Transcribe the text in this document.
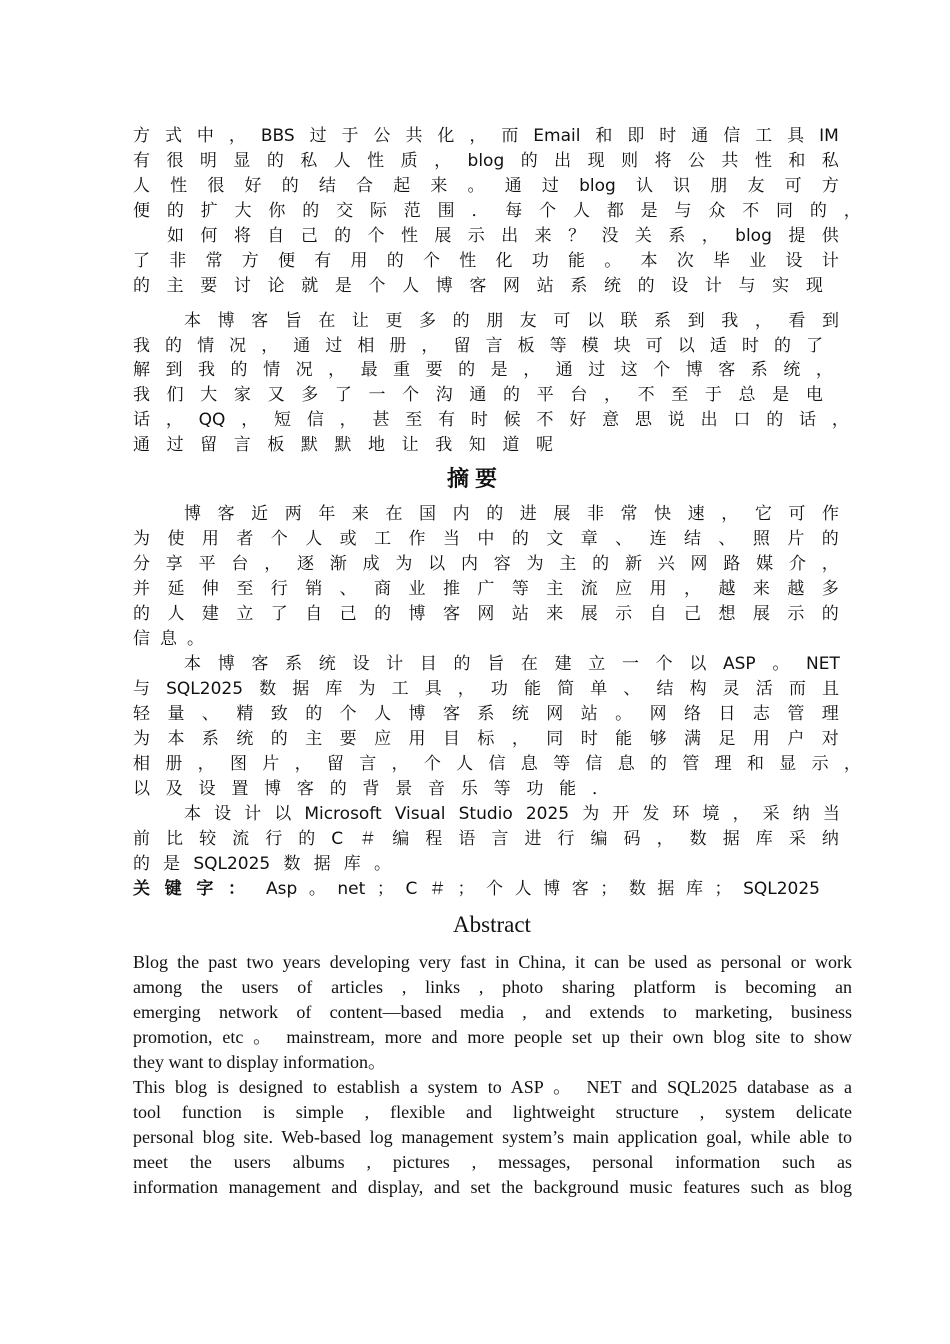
方 式 中 ， BBS 过 于 公 共 化 ， 而 Email 和 即 时 通 信 工 具 IM
有 很 明 显 的 私 人 性 质 ， blog 的 出 现 则 将 公 共 性 和 私
人 性 很 好 的 结 合 起 来 。 通 过 blog 认 识 朋 友 可 方
便 的 扩 大 你 的 交 际 范 围 ． 每 个 人 都 是 与 众 不 同 的 ，
如 何 将 自 己 的 个 性 展 示 出 来 ？ 没 关 系 ， blog 提 供
了 非 常 方 便 有 用 的 个 性 化 功 能 。 本 次 毕 业 设 计
的 主 要 讨 论 就 是 个 人 博 客 网 站 系 统 的 设 计 与 实 现
本 博 客 旨 在 让 更 多 的 朋 友 可 以 联 系 到 我 ， 看 到
我 的 情 况 ， 通 过 相 册 ， 留 言 板 等 模 块 可 以 适 时 的 了
解 到 我 的 情 况 ， 最 重 要 的 是 ， 通 过 这 个 博 客 系 统 ，
我 们 大 家 又 多 了 一 个 沟 通 的 平 台 ， 不 至 于 总 是 电
话 ， QQ ， 短 信 ， 甚 至 有 时 候 不 好 意 思 说 出 口 的 话 ，
通 过 留 言 板 默 默 地 让 我 知 道 呢
摘要
博 客 近 两 年 来 在 国 内 的 进 展 非 常 快 速 ， 它 可 作
为 使 用 者 个 人 或 工 作 当 中 的 文 章 、 连 结 、 照 片 的
分 享 平 台 ， 逐 渐 成 为 以 内 容 为 主 的 新 兴 网 路 媒 介 ，
并 延 伸 至 行 销 、 商 业 推 广 等 主 流 应 用 ， 越 来 越 多
的 人 建 立 了 自 己 的 博 客 网 站 来 展 示 自 己 想 展 示 的
信息。
本 博 客 系 统 设 计 目 的 旨 在 建 立 一 个 以 ASP 。 NET
与 SQL2025 数 据 库 为 工 具 ， 功 能 简 单 、 结 构 灵 活 而 且
轻 量 、 精 致 的 个 人 博 客 系 统 网 站 。 网 络 日 志 管 理
为 本 系 统 的 主 要 应 用 目 标 ， 同 时 能 够 满 足 用 户 对
相 册 ， 图 片 ， 留 言 ， 个 人 信 息 等 信 息 的 管 理 和 显 示 ，
以 及 设 置 博 客 的 背 景 音 乐 等 功 能 ．
本 设 计 以 Microsoft Visual Studio 2025 为 开 发 环 境 ， 采 纳 当
前 比 较 流 行 的 C ＃ 编 程 语 言 进 行 编 码 ， 数 据 库 采 纳
的 是 SQL2025 数 据 库 。
关 键 字 ： Asp 。 net ； C ＃ ； 个 人 博 客 ； 数 据 库 ； SQL2025
Abstract
Blog the past two years developing very fast in China, it can be used as personal or work
among the users of articles , links , photo sharing platform is becoming an
emerging network of content—based media , and extends to marketing, business
promotion, etc 。 mainstream, more and more people set up their own blog site to show
they want to display information。
This blog is designed to establish a system to ASP 。 NET and SQL2025 database as a
tool function is simple , flexible and lightweight structure , system delicate
personal blog site. Web-based log management system’s main application goal, while able to
meet the users albums , pictures , messages, personal information such as
information management and display, and set the background music features such as blog
